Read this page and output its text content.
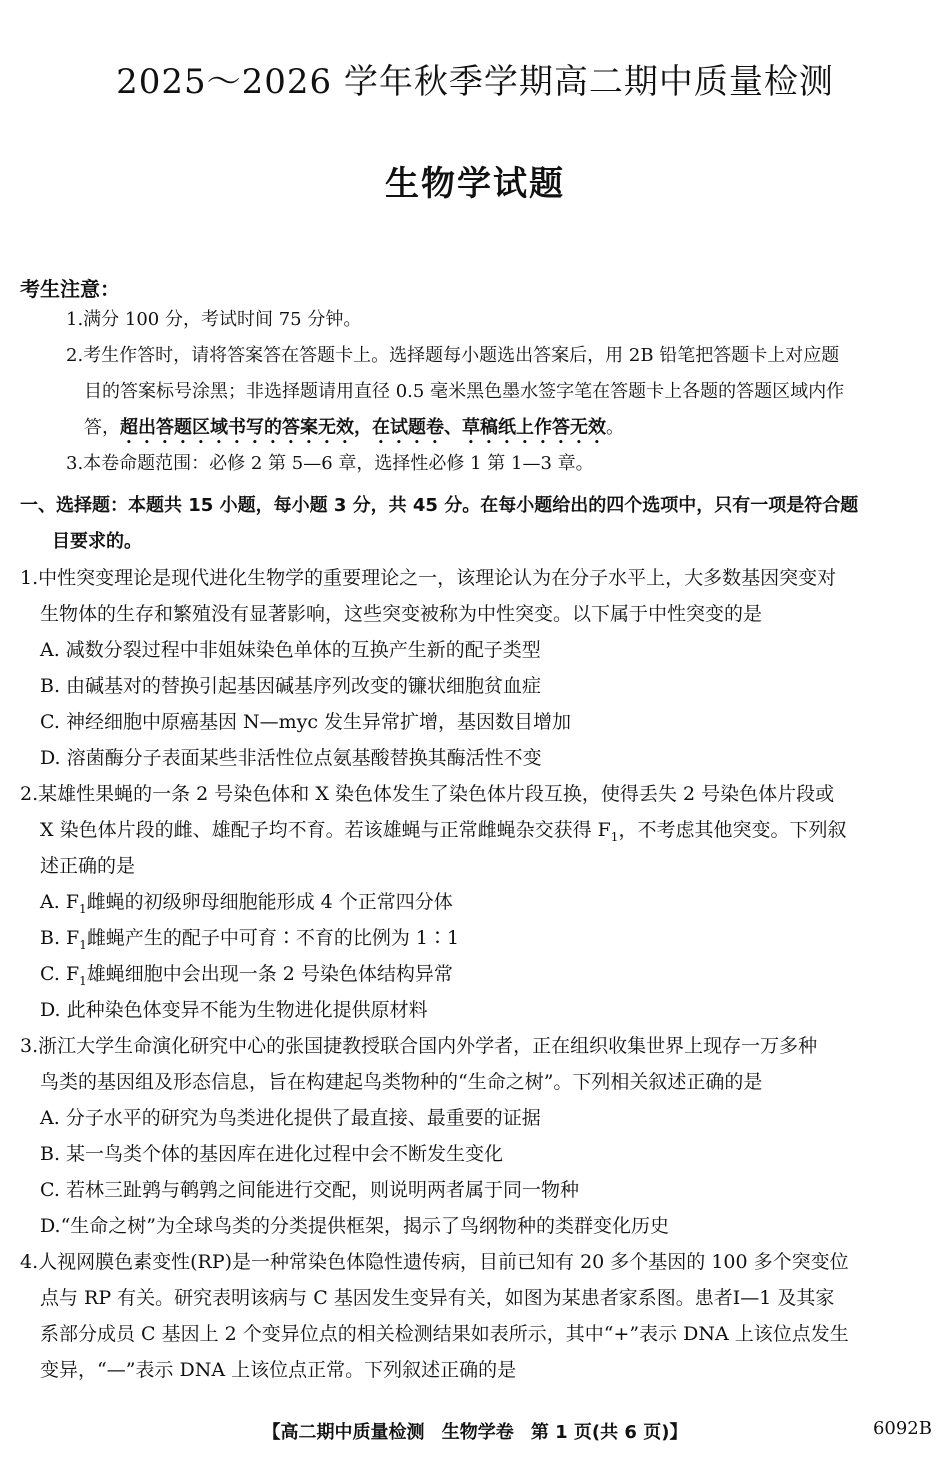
2025～2026 学年秋季学期高二期中质量检测
生物学试题
考生注意：
1.满分 100 分，考试时间 75 分钟。
2.考生作答时，请将答案答在答题卡上。选择题每小题选出答案后，用 2B 铅笔把答题卡上对应题
目的答案标号涂黑；非选择题请用直径 0.5 毫米黑色墨水签字笔在答题卡上各题的答题区域内作
答，超出答题区域书写的答案无效，在试题卷、草稿纸上作答无效。
3.本卷命题范围：必修 2 第 5—6 章，选择性必修 1 第 1—3 章。
一、选择题：本题共 15 小题，每小题 3 分，共 45 分。在每小题给出的四个选项中，只有一项是符合题
目要求的。
1.中性突变理论是现代进化生物学的重要理论之一，该理论认为在分子水平上，大多数基因突变对
生物体的生存和繁殖没有显著影响，这些突变被称为中性突变。以下属于中性突变的是
A. 减数分裂过程中非姐妹染色单体的互换产生新的配子类型
B. 由碱基对的替换引起基因碱基序列改变的镰状细胞贫血症
C. 神经细胞中原癌基因 N—myc 发生异常扩增，基因数目增加
D. 溶菌酶分子表面某些非活性位点氨基酸替换其酶活性不变
2.某雄性果蝇的一条 2 号染色体和 X 染色体发生了染色体片段互换，使得丢失 2 号染色体片段或
X 染色体片段的雌、雄配子均不育。若该雄蝇与正常雌蝇杂交获得 $F_1$，不考虑其他突变。下列叙
述正确的是
A. $F_1$雌蝇的初级卵母细胞能形成 4 个正常四分体
B. $F_1$雌蝇产生的配子中可育∶不育的比例为 1∶1
C. $F_1$雄蝇细胞中会出现一条 2 号染色体结构异常
D. 此种染色体变异不能为生物进化提供原材料
3.浙江大学生命演化研究中心的张国捷教授联合国内外学者，正在组织收集世界上现存一万多种
鸟类的基因组及形态信息，旨在构建起鸟类物种的“生命之树”。下列相关叙述正确的是
A. 分子水平的研究为鸟类进化提供了最直接、最重要的证据
B. 某一鸟类个体的基因库在进化过程中会不断发生变化
C. 若林三趾鹑与鹌鹑之间能进行交配，则说明两者属于同一物种
D.“生命之树”为全球鸟类的分类提供框架，揭示了鸟纲物种的类群变化历史
4.人视网膜色素变性(RP)是一种常染色体隐性遗传病，目前已知有 20 多个基因的 100 多个突变位
点与 RP 有关。研究表明该病与 C 基因发生变异有关，如图为某患者家系图。患者Ⅰ—1 及其家
系部分成员 C 基因上 2 个变异位点的相关检测结果如表所示，其中“+”表示 DNA 上该位点发生
变异，“—”表示 DNA 上该位点正常。下列叙述正确的是
【高二期中质量检测 生物学卷 第 1 页(共 6 页)】	6092B
